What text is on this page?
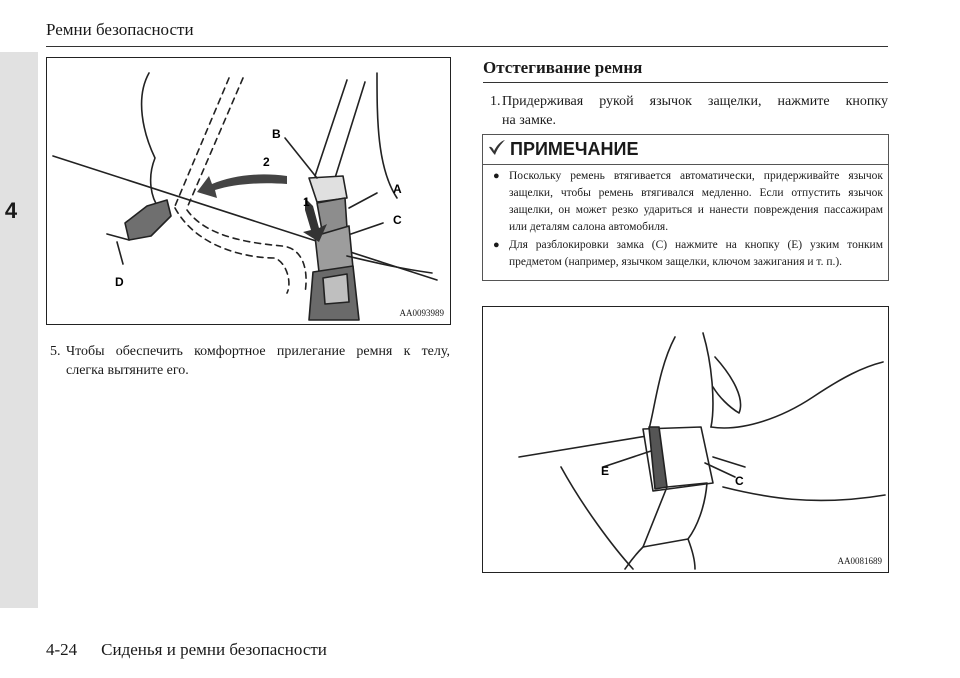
4
Ремни безопасности
B
2
1
A
C
D
AA0093989
5. Чтобы обеспечить комфортное прилегание ремня к телу,
слегка вытяните его.
Отстегивание ремня
1. Придерживая рукой язычок защелки, нажмите кнопку
на замке.
ПРИМЕЧАНИЕ
● Поскольку ремень втягивается автоматически, придерживайте язычок защелки, чтобы ремень втягивался медленно. Если отпустить язычок защелки, он может резко удариться и нанести повреждения пассажирам или деталям салона автомобиля.
● Для разблокировки замка (C) нажмите на кнопку (E) узким тонким предметом (например, язычком защелки, ключом зажигания и т. п.).
E
C
AA0081689
4-24 Сиденья и ремни безопасности
